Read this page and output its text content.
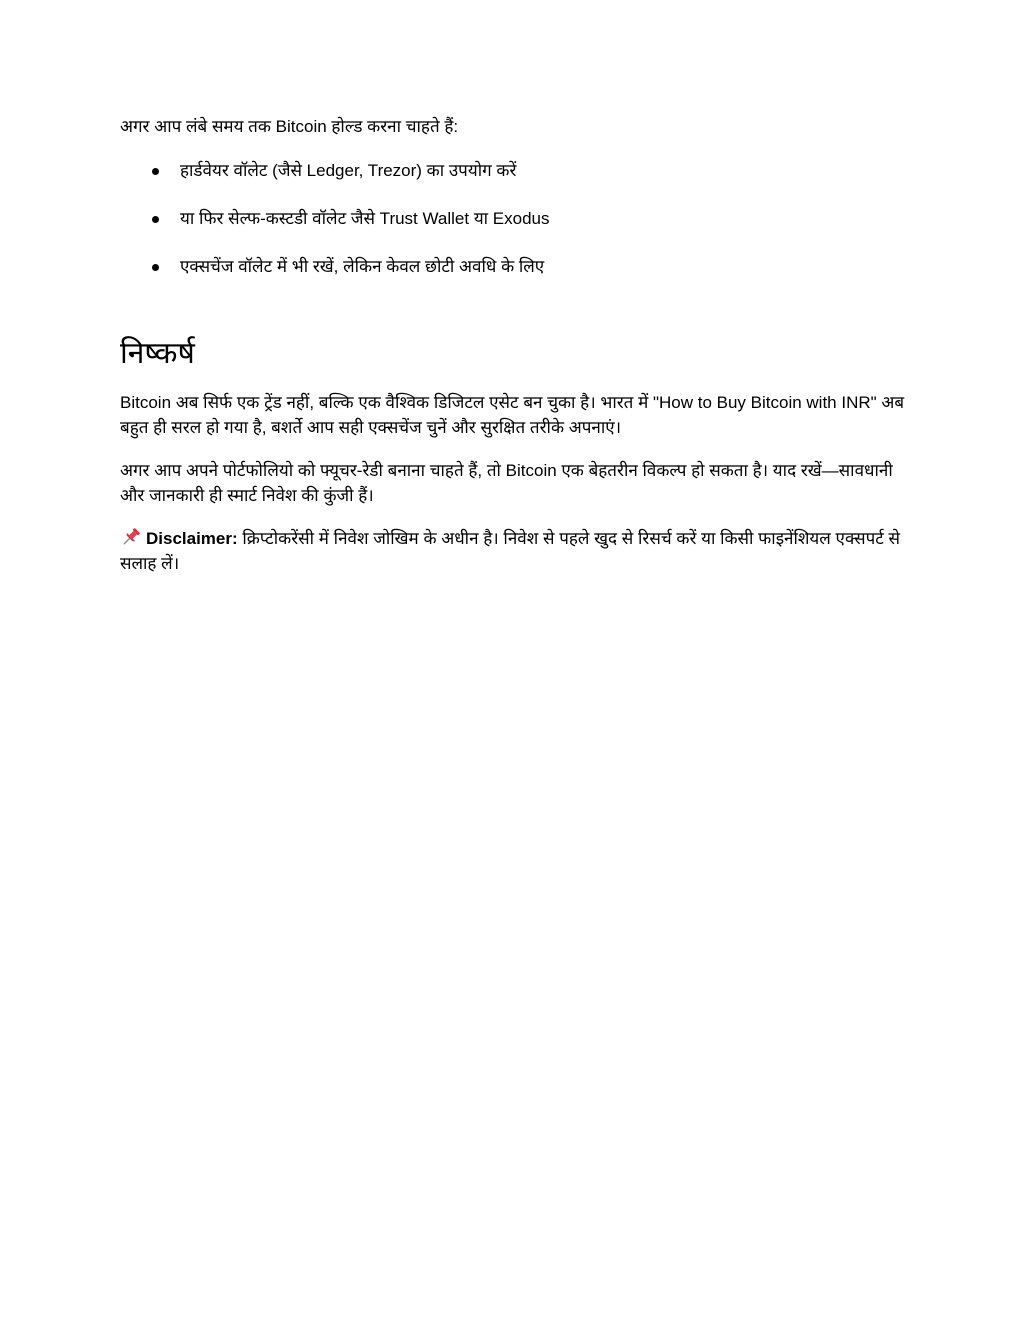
अगर आप लंबे समय तक Bitcoin होल्ड करना चाहते हैं:

हार्डवेयर वॉलेट (जैसे Ledger, Trezor) का उपयोग करें
या फिर सेल्फ-कस्टडी वॉलेट जैसे Trust Wallet या Exodus
एक्सचेंज वॉलेट में भी रखें, लेकिन केवल छोटी अवधि के लिए
निष्कर्ष

Bitcoin अब सिर्फ एक ट्रेंड नहीं, बल्कि एक वैश्विक डिजिटल एसेट बन चुका है। भारत में "How to Buy Bitcoin with INR" अब बहुत ही सरल हो गया है, बशर्ते आप सही एक्सचेंज चुनें और सुरक्षित तरीके अपनाएं।

अगर आप अपने पोर्टफोलियो को फ्यूचर-रेडी बनाना चाहते हैं, तो Bitcoin एक बेहतरीन विकल्प हो सकता है। याद रखें—सावधानी और जानकारी ही स्मार्ट निवेश की कुंजी हैं।

Disclaimer: क्रिप्टोकरेंसी में निवेश जोखिम के अधीन है। निवेश से पहले खुद से रिसर्च करें या किसी फाइनेंशियल एक्सपर्ट से सलाह लें।
